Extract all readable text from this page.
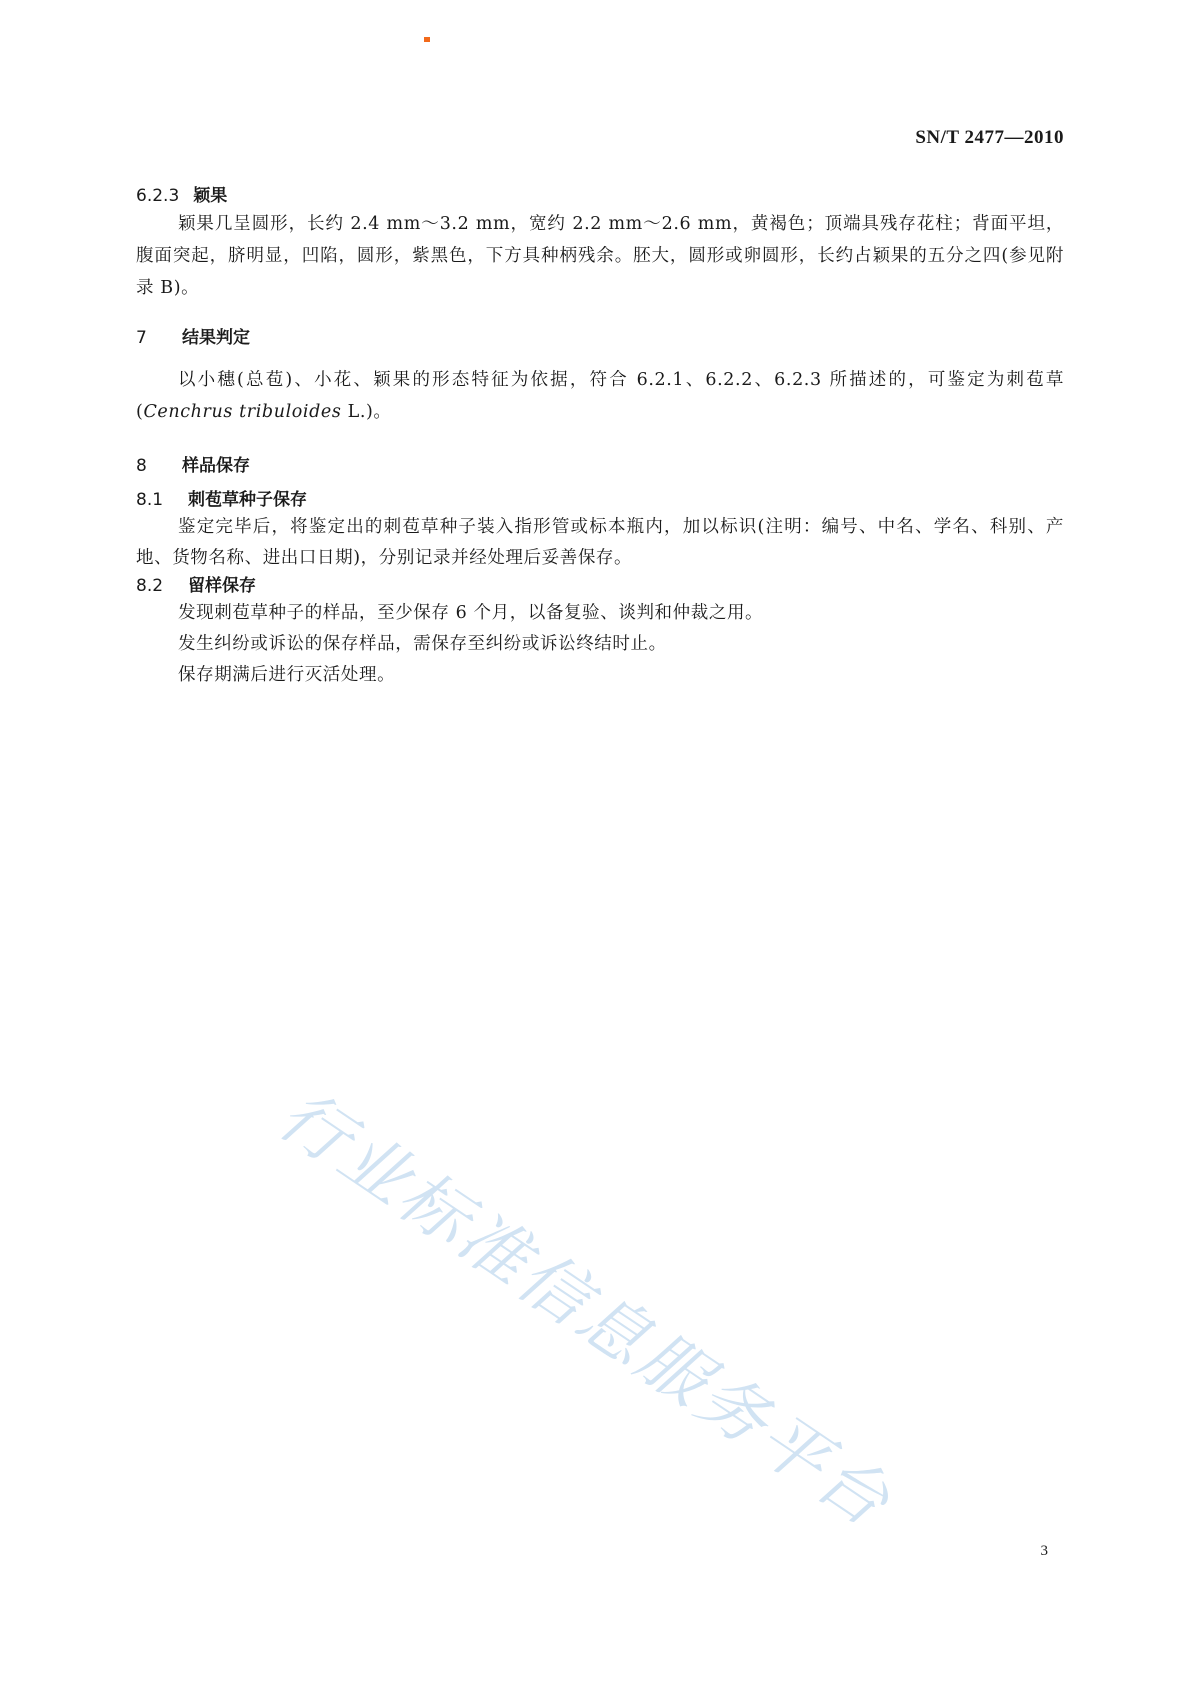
SN/T 2477—2010
6.2.3 颖果
颖果几呈圆形，长约 2.4 mm～3.2 mm，宽约 2.2 mm～2.6 mm，黄褐色；顶端具残存花柱；背面平坦，腹面突起，脐明显，凹陷，圆形，紫黑色，下方具种柄残余。胚大，圆形或卵圆形，长约占颖果的五分之四(参见附录 B)。
7 结果判定
以小穗(总苞)、小花、颖果的形态特征为依据，符合 6.2.1、6.2.2、6.2.3 所描述的，可鉴定为刺苞草(Cenchrus tribuloides L.)。
8 样品保存
8.1 刺苞草种子保存
鉴定完毕后，将鉴定出的刺苞草种子装入指形管或标本瓶内，加以标识(注明：编号、中名、学名、科别、产地、货物名称、进出口日期)，分别记录并经处理后妥善保存。
8.2 留样保存
发现刺苞草种子的样品，至少保存 6 个月，以备复验、谈判和仲裁之用。
发生纠纷或诉讼的保存样品，需保存至纠纷或诉讼终结时止。
保存期满后进行灭活处理。
行业标准信息服务平台
3
